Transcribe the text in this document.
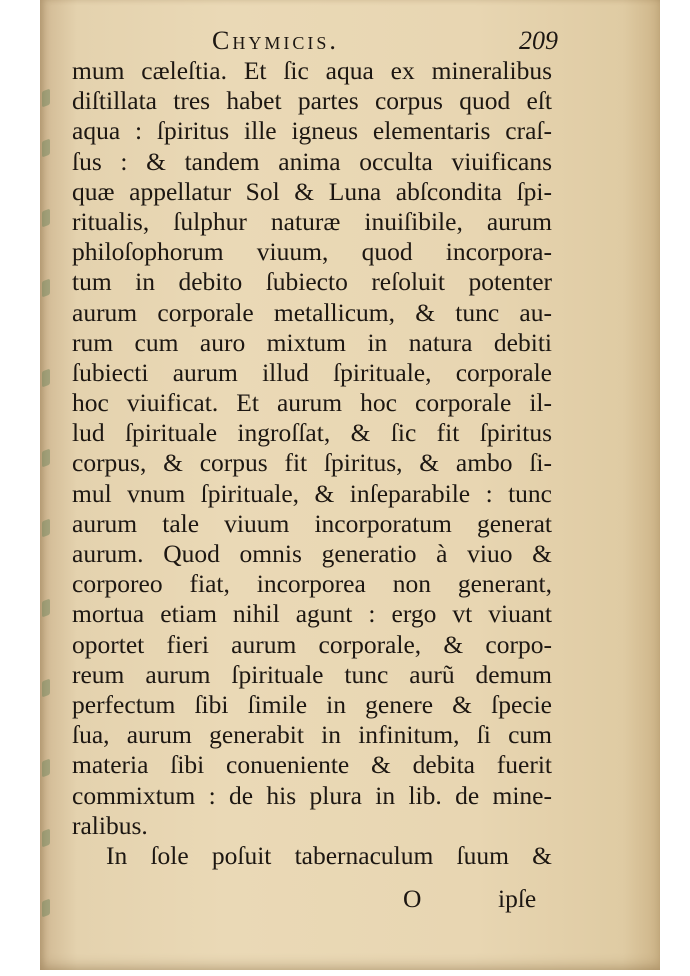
Chymicis.	209
mum cæleſtia. Et ſic aqua ex mineralibus
diſtillata tres habet partes corpus quod eſt
aqua : ſpiritus ille igneus elementaris craſ-
ſus : & tandem anima occulta viuificans
quæ appellatur Sol & Luna abſcondita ſpi-
ritualis, ſulphur naturæ inuiſibile, aurum
philoſophorum viuum, quod incorpora-
tum in debito ſubiecto reſoluit potenter
aurum corporale metallicum, & tunc au-
rum cum auro mixtum in natura debiti
ſubiecti aurum illud ſpirituale, corporale
hoc viuificat. Et aurum hoc corporale il-
lud ſpirituale ingroſſat, & ſic fit ſpiritus
corpus, & corpus fit ſpiritus, & ambo ſi-
mul vnum ſpirituale, & inſeparabile : tunc
aurum tale viuum incorporatum generat
aurum. Quod omnis generatio à viuo &
corporeo fiat, incorporea non generant,
mortua etiam nihil agunt : ergo vt viuant
oportet fieri aurum corporale, & corpo-
reum aurum ſpirituale tunc aurũ demum
perfectum ſibi ſimile in genere & ſpecie
ſua, aurum generabit in infinitum, ſi cum
materia ſibi conueniente & debita fuerit
commixtum : de his plura in lib. de mine-
ralibus.
In ſole poſuit tabernaculum ſuum &
O	ipſe
